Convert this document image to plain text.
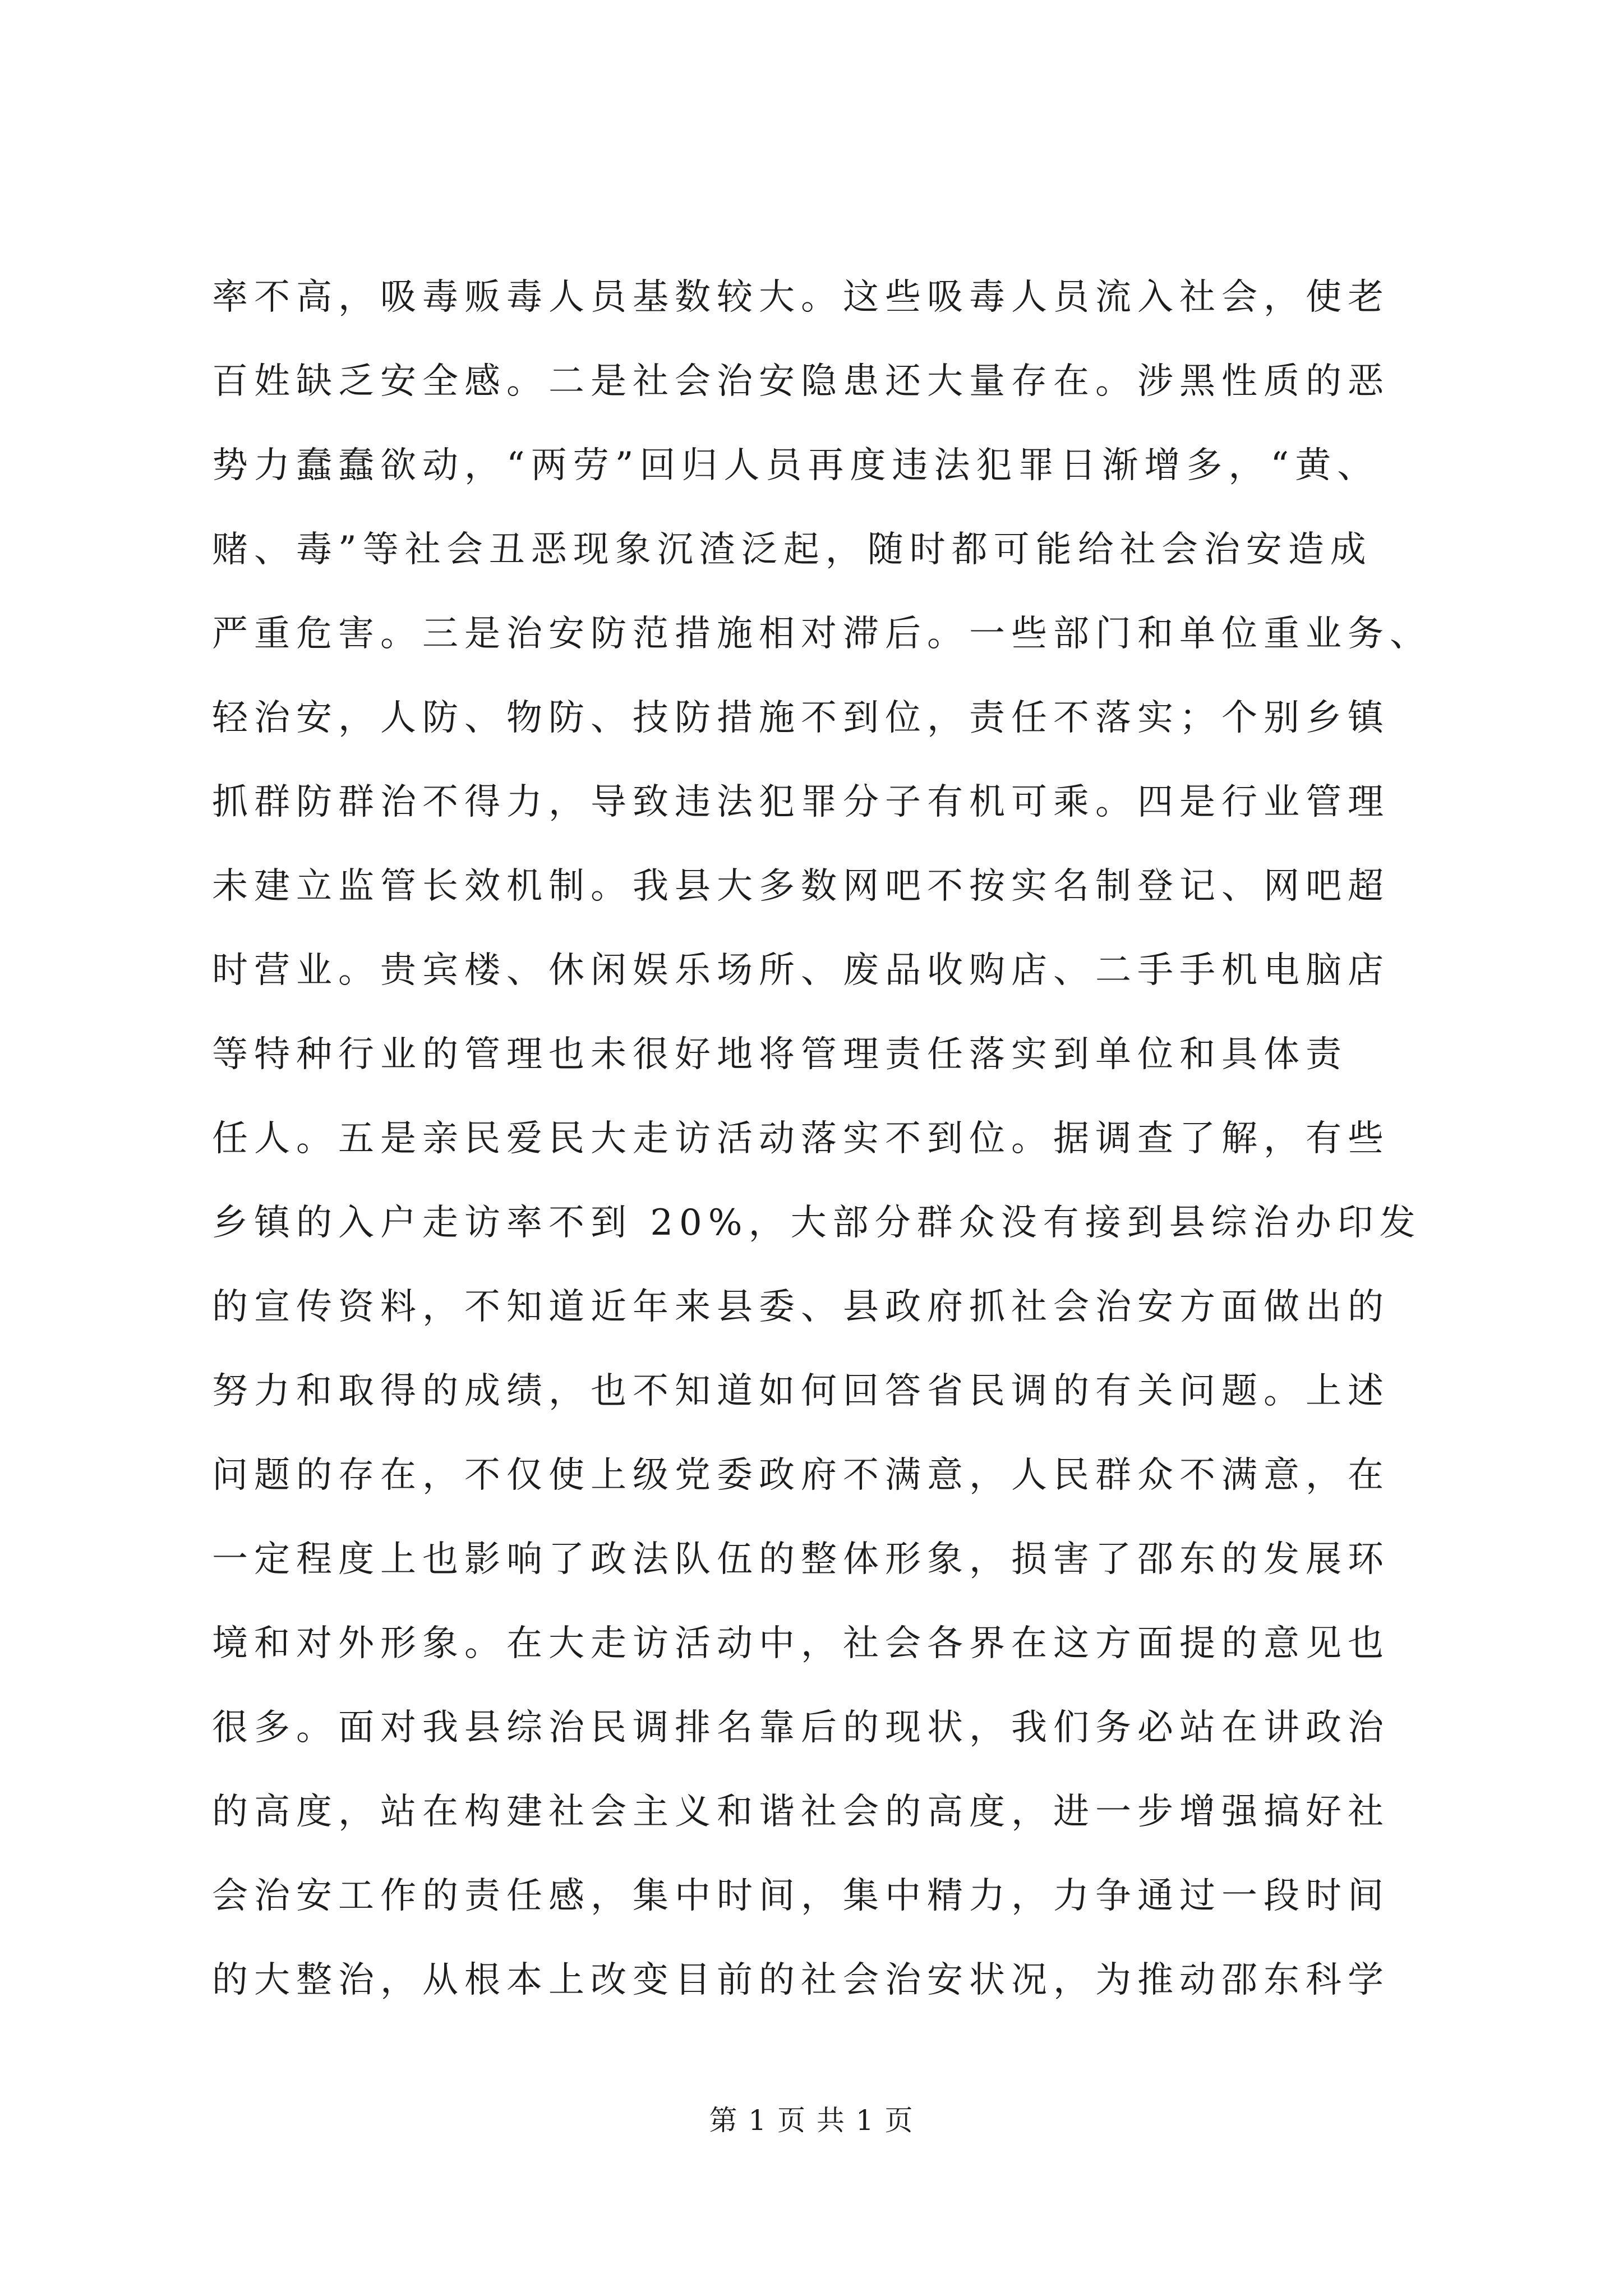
率不高，吸毒贩毒人员基数较大。这些吸毒人员流入社会，使老
百姓缺乏安全感。二是社会治安隐患还大量存在。涉黑性质的恶
势力蠢蠢欲动，“两劳”回归人员再度违法犯罪日渐增多，“黄、
赌、毒”等社会丑恶现象沉渣泛起，随时都可能给社会治安造成
严重危害。三是治安防范措施相对滞后。一些部门和单位重业务、
轻治安，人防、物防、技防措施不到位，责任不落实；个别乡镇
抓群防群治不得力，导致违法犯罪分子有机可乘。四是行业管理
未建立监管长效机制。我县大多数网吧不按实名制登记、网吧超
时营业。贵宾楼、休闲娱乐场所、废品收购店、二手手机电脑店
等特种行业的管理也未很好地将管理责任落实到单位和具体责
任人。五是亲民爱民大走访活动落实不到位。据调查了解，有些
乡镇的入户走访率不到 20%，大部分群众没有接到县综治办印发
的宣传资料，不知道近年来县委、县政府抓社会治安方面做出的
努力和取得的成绩，也不知道如何回答省民调的有关问题。上述
问题的存在，不仅使上级党委政府不满意，人民群众不满意，在
一定程度上也影响了政法队伍的整体形象，损害了邵东的发展环
境和对外形象。在大走访活动中，社会各界在这方面提的意见也
很多。面对我县综治民调排名靠后的现状，我们务必站在讲政治
的高度，站在构建社会主义和谐社会的高度，进一步增强搞好社
会治安工作的责任感，集中时间，集中精力，力争通过一段时间
的大整治，从根本上改变目前的社会治安状况，为推动邵东科学
第 1 页 共 1 页
